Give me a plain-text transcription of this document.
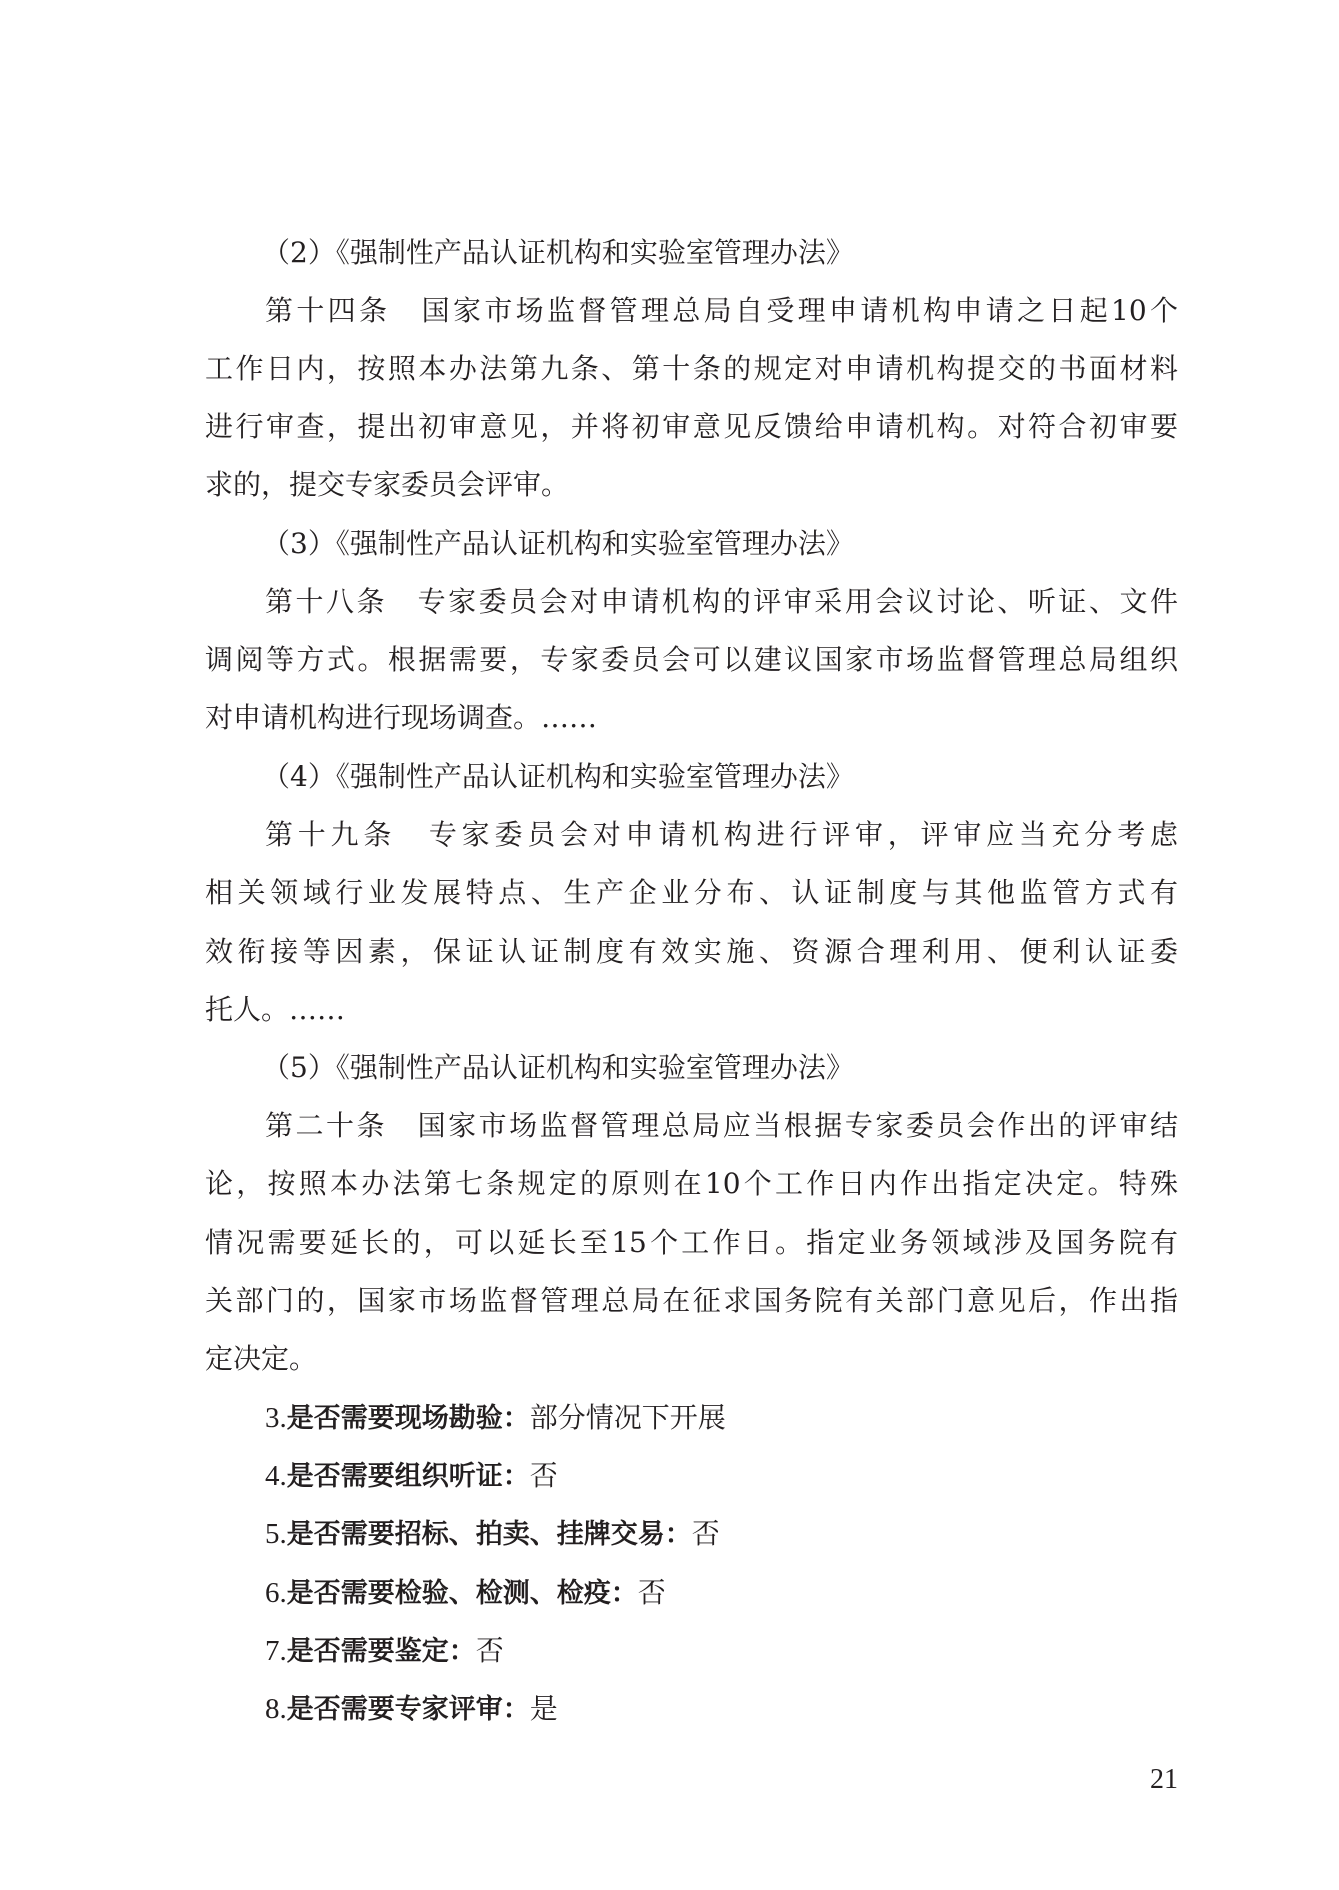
（2）《强制性产品认证机构和实验室管理办法》
第十四条　国家市场监督管理总局自受理申请机构申请之日起10个
工作日内，按照本办法第九条、第十条的规定对申请机构提交的书面材料
进行审查，提出初审意见，并将初审意见反馈给申请机构。对符合初审要
求的，提交专家委员会评审。
（3）《强制性产品认证机构和实验室管理办法》
第十八条　专家委员会对申请机构的评审采用会议讨论、听证、文件
调阅等方式。根据需要，专家委员会可以建议国家市场监督管理总局组织
对申请机构进行现场调查。……
（4）《强制性产品认证机构和实验室管理办法》
第十九条　专家委员会对申请机构进行评审，评审应当充分考虑
相关领域行业发展特点、生产企业分布、认证制度与其他监管方式有
效衔接等因素，保证认证制度有效实施、资源合理利用、便利认证委
托人。……
（5）《强制性产品认证机构和实验室管理办法》
第二十条　国家市场监督管理总局应当根据专家委员会作出的评审结
论，按照本办法第七条规定的原则在10个工作日内作出指定决定。特殊
情况需要延长的，可以延长至15个工作日。指定业务领域涉及国务院有
关部门的，国家市场监督管理总局在征求国务院有关部门意见后，作出指
定决定。
3.是否需要现场勘验：部分情况下开展
4.是否需要组织听证：否
5.是否需要招标、拍卖、挂牌交易：否
6.是否需要检验、检测、检疫：否
7.是否需要鉴定：否
8.是否需要专家评审：是
21
